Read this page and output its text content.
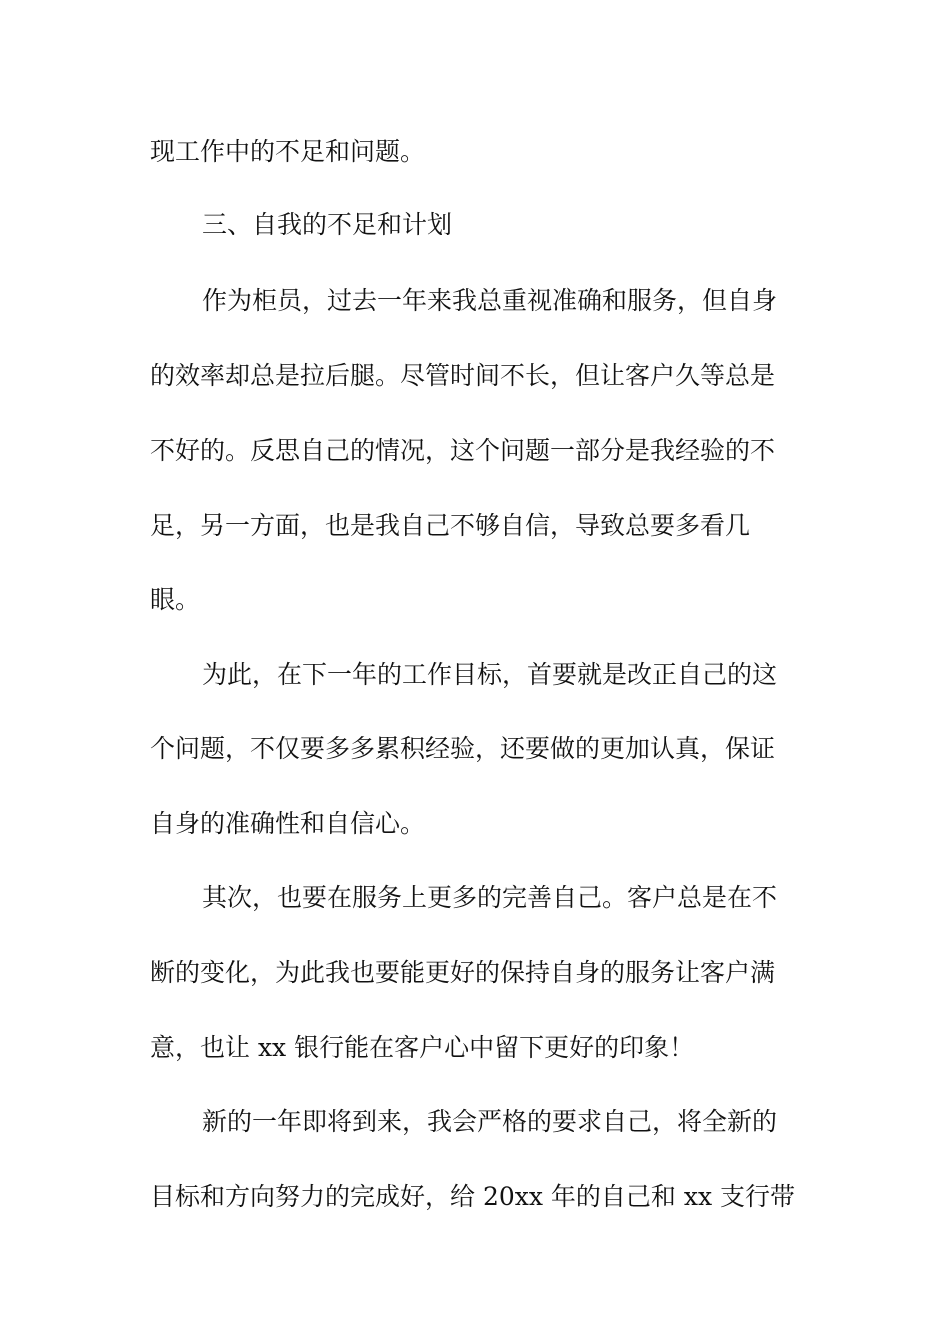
现工作中的不足和问题。
三、自我的不足和计划
作为柜员，过去一年来我总重视准确和服务，但自身
的效率却总是拉后腿。尽管时间不长，但让客户久等总是
不好的。反思自己的情况，这个问题一部分是我经验的不
足，另一方面，也是我自己不够自信，导致总要多看几
眼。
为此，在下一年的工作目标，首要就是改正自己的这
个问题，不仅要多多累积经验，还要做的更加认真，保证
自身的准确性和自信心。
其次，也要在服务上更多的完善自己。客户总是在不
断的变化，为此我也要能更好的保持自身的服务让客户满
意，也让 xx 银行能在客户心中留下更好的印象！
新的一年即将到来，我会严格的要求自己，将全新的
目标和方向努力的完成好，给 20xx 年的自己和 xx 支行带
